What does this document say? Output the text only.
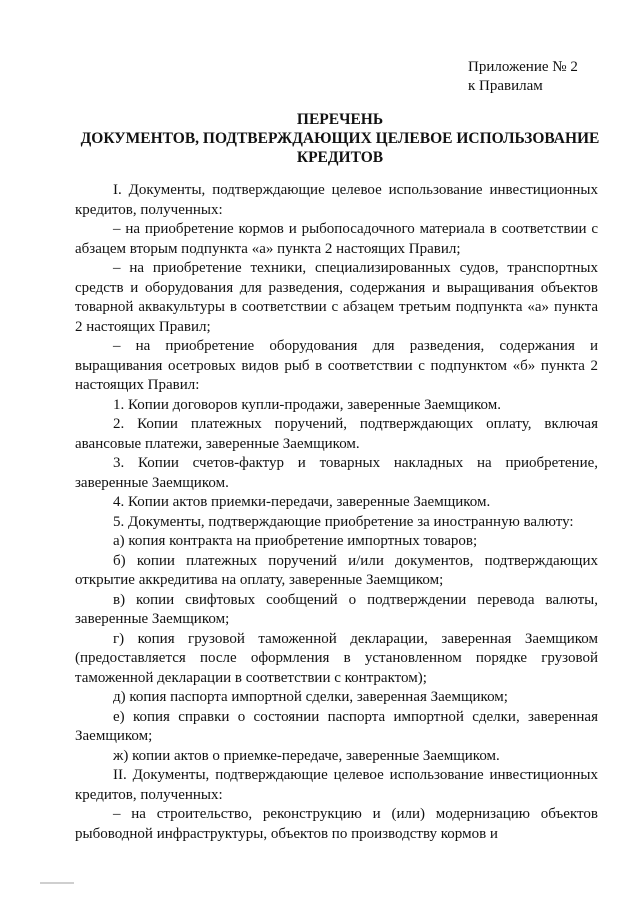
Приложение № 2
к Правилам
ПЕРЕЧЕНЬ
ДОКУМЕНТОВ, ПОДТВЕРЖДАЮЩИХ ЦЕЛЕВОЕ ИСПОЛЬЗОВАНИЕ
КРЕДИТОВ

I. Документы, подтверждающие целевое использование инвестиционных кредитов, полученных:

– на приобретение кормов и рыбопосадочного материала в соответствии с абзацем вторым подпункта «а» пункта 2 настоящих Правил;

– на приобретение техники, специализированных судов, транспортных средств и оборудования для разведения, содержания и выращивания объектов товарной аквакультуры в соответствии с абзацем третьим подпункта «а» пункта 2 настоящих Правил;

– на приобретение оборудования для разведения, содержания и выращивания осетровых видов рыб в соответствии с подпунктом «б» пункта 2 настоящих Правил:

1. Копии договоров купли-продажи, заверенные Заемщиком.

2. Копии платежных поручений, подтверждающих оплату, включая авансовые платежи, заверенные Заемщиком.

3. Копии счетов-фактур и товарных накладных на приобретение, заверенные Заемщиком.

4. Копии актов приемки-передачи, заверенные Заемщиком.

5. Документы, подтверждающие приобретение за иностранную валюту:

а) копия контракта на приобретение импортных товаров;

б) копии платежных поручений и/или документов, подтверждающих открытие аккредитива на оплату, заверенные Заемщиком;

в) копии свифтовых сообщений о подтверждении перевода валюты, заверенные Заемщиком;

г) копия грузовой таможенной декларации, заверенная Заемщиком (предоставляется после оформления в установленном порядке грузовой таможенной декларации в соответствии с контрактом);

д) копия паспорта импортной сделки, заверенная Заемщиком;

е) копия справки о состоянии паспорта импортной сделки, заверенная Заемщиком;

ж) копии актов о приемке-передаче, заверенные Заемщиком.

II. Документы, подтверждающие целевое использование инвестиционных кредитов, полученных:

– на строительство, реконструкцию и (или) модернизацию объектов рыбоводной инфраструктуры, объектов по производству кормов и
